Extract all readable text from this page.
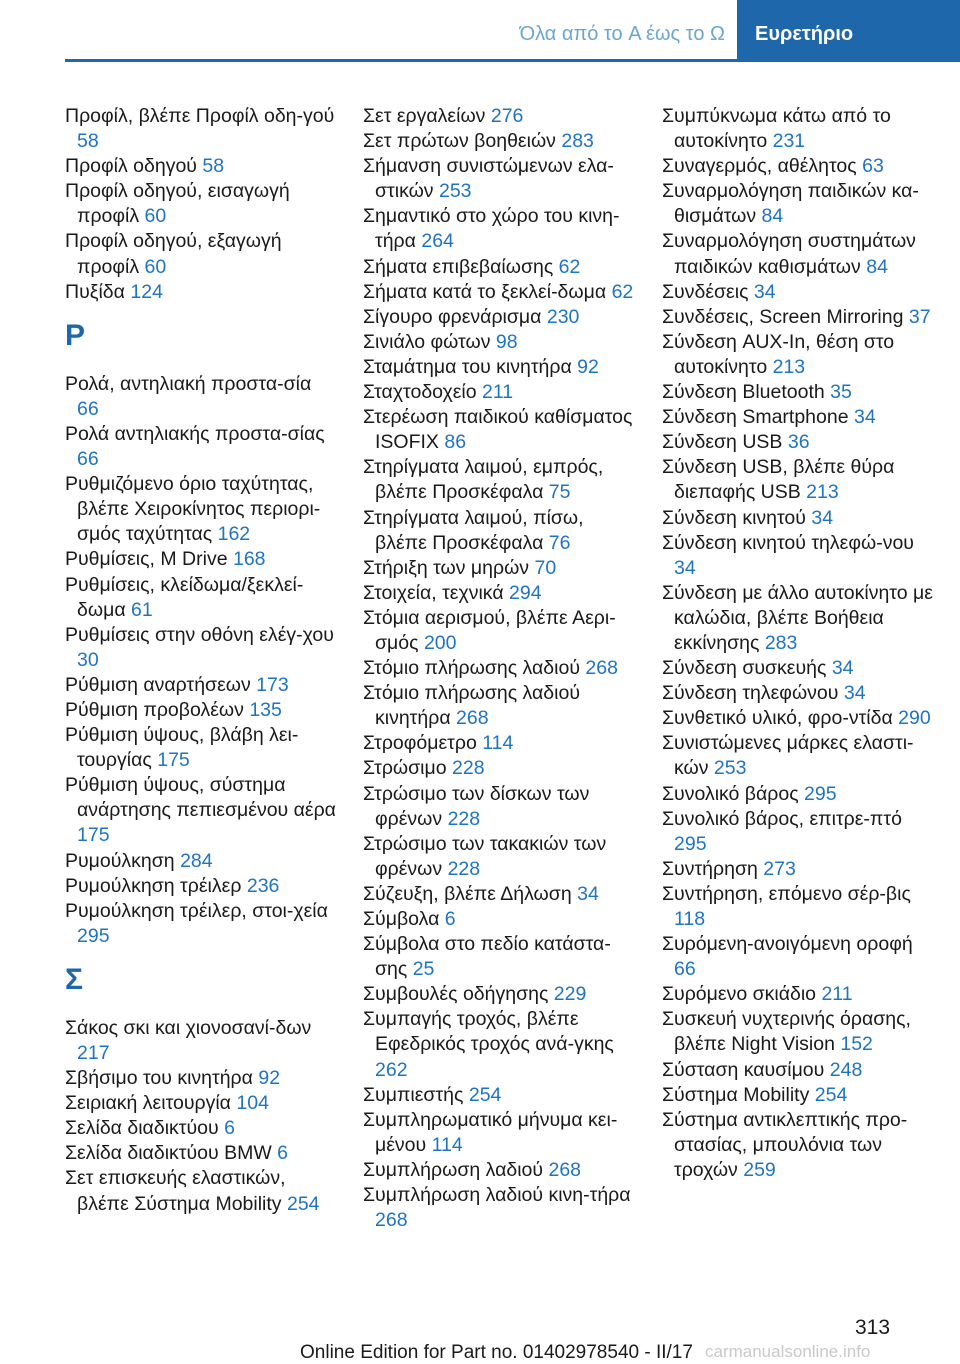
Όλα από το A έως το Ω Ευρετήριο
Προφίλ, βλέπε Προφίλ οδη-γού 58
Προφίλ οδηγού 58
Προφίλ οδηγού, εισαγωγή προφίλ 60
Προφίλ οδηγού, εξαγωγή προφίλ 60
Πυξίδα 124
Ρ
Ρολά, αντηλιακή προστα-σία 66
Ρολά αντηλιακής προστα-σίας 66
Ρυθμιζόμενο όριο ταχύτητας, βλέπε Χειροκίνητος περιορι-σμός ταχύτητας 162
Ρυθμίσεις, M Drive 168
Ρυθμίσεις, κλείδωμα/ξεκλεί-δωμα 61
Ρυθμίσεις στην οθόνη ελέγ-χου 30
Ρύθμιση αναρτήσεων 173
Ρύθμιση προβολέων 135
Ρύθμιση ύψους, βλάβη λει-τουργίας 175
Ρύθμιση ύψους, σύστημα ανάρτησης πεπιεσμένου αέρα 175
Ρυμούλκηση 284
Ρυμούλκηση τρέιλερ 236
Ρυμούλκηση τρέιλερ, στοι-χεία 295
Σ
Σάκος σκι και χιονοσανί-δων 217
Σβήσιμο του κινητήρα 92
Σειριακή λειτουργία 104
Σελίδα διαδικτύου 6
Σελίδα διαδικτύου BMW 6
Σετ επισκευής ελαστικών, βλέπε Σύστημα Mobility 254
Σετ εργαλείων 276
Σετ πρώτων βοηθειών 283
Σήμανση συνιστώμενων ελα-στικών 253
Σημαντικό στο χώρο του κινη-τήρα 264
Σήματα επιβεβαίωσης 62
Σήματα κατά το ξεκλεί-δωμα 62
Σίγουρο φρενάρισμα 230
Σινιάλο φώτων 98
Σταμάτημα του κινητήρα 92
Σταχτοδοχείο 211
Στερέωση παιδικού καθίσματος ISOFIX 86
Στηρίγματα λαιμού, εμπρός, βλέπε Προσκέφαλα 75
Στηρίγματα λαιμού, πίσω, βλέπε Προσκέφαλα 76
Στήριξη των μηρών 70
Στοιχεία, τεχνικά 294
Στόμια αερισμού, βλέπε Αερι-σμός 200
Στόμιο πλήρωσης λαδιού 268
Στόμιο πλήρωσης λαδιού κινητήρα 268
Στροφόμετρο 114
Στρώσιμο 228
Στρώσιμο των δίσκων των φρένων 228
Στρώσιμο των τακακιών των φρένων 228
Σύζευξη, βλέπε Δήλωση 34
Σύμβολα 6
Σύμβολα στο πεδίο κατάστα-σης 25
Συμβουλές οδήγησης 229
Συμπαγής τροχός, βλέπε Εφεδρικός τροχός ανά-γκης 262
Συμπιεστής 254
Συμπληρωματικό μήνυμα κει-μένου 114
Συμπλήρωση λαδιού 268
Συμπλήρωση λαδιού κινη-τήρα 268
Συμπύκνωμα κάτω από το αυτοκίνητο 231
Συναγερμός, αθέλητος 63
Συναρμολόγηση παιδικών κα-θισμάτων 84
Συναρμολόγηση συστημάτων παιδικών καθισμάτων 84
Συνδέσεις 34
Συνδέσεις, Screen Mirroring 37
Σύνδεση AUX-In, θέση στο αυτοκίνητο 213
Σύνδεση Bluetooth 35
Σύνδεση Smartphone 34
Σύνδεση USB 36
Σύνδεση USB, βλέπε θύρα διεπαφής USB 213
Σύνδεση κινητού 34
Σύνδεση κινητού τηλεφώ-νου 34
Σύνδεση με άλλο αυτοκίνητο με καλώδια, βλέπε Βοήθεια εκκίνησης 283
Σύνδεση συσκευής 34
Σύνδεση τηλεφώνου 34
Συνθετικό υλικό, φρο-ντίδα 290
Συνιστώμενες μάρκες ελαστι-κών 253
Συνολικό βάρος 295
Συνολικό βάρος, επιτρε-πτό 295
Συντήρηση 273
Συντήρηση, επόμενο σέρ-βις 118
Συρόμενη-ανοιγόμενη οροφή 66
Συρόμενο σκιάδιο 211
Συσκευή νυχτερινής όρασης, βλέπε Night Vision 152
Σύσταση καυσίμου 248
Σύστημα Mobility 254
Σύστημα αντικλεπτικής προ-στασίας, μπουλόνια των τροχών 259
313
Online Edition for Part no. 01402978540 - II/17 carmanualsonline.info
